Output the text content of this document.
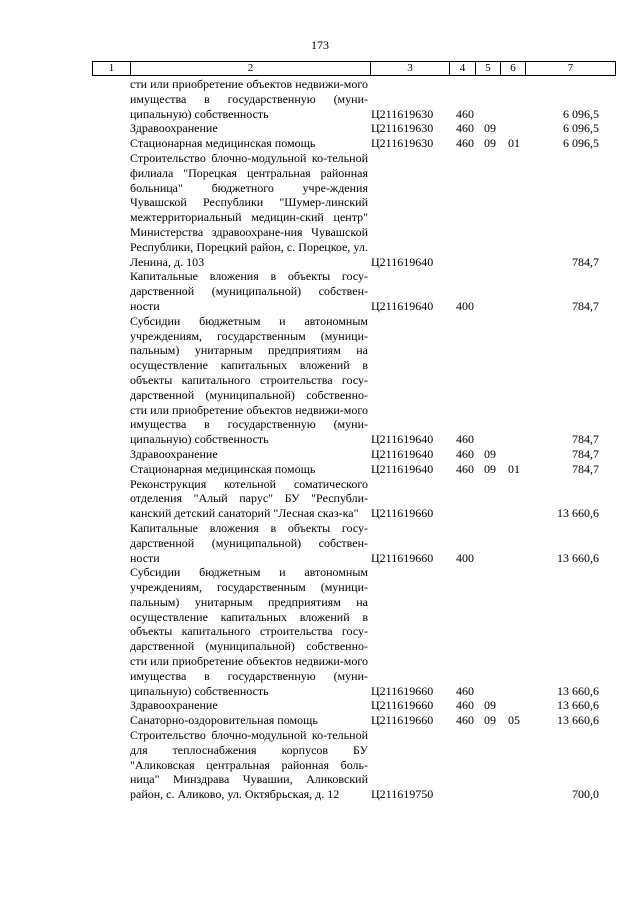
173
1	2	3	4	5	6	7
сти или приобретение объектов недвижи-мого имущества в государственную (муни-ципальную) собственность	Ц211619630 460	6 096,5
Здравоохранение	Ц211619630 460 09	6 096,5
Стационарная медицинская помощь	Ц211619630 460 09 01	6 096,5
Строительство блочно-модульной ко-тельной филиала "Порецкая центральная районная больница" бюджетного учре-ждения Чувашской Республики "Шумер-линский межтерриториальный медицин-ский центр" Министерства здравоохране-ния Чувашской Республики, Порецкий район, с. Порецкое, ул. Ленина, д. 103	Ц211619640	784,7
Капитальные вложения в объекты госу-дарственной (муниципальной) собствен-ности	Ц211619640 400	784,7
Субсидии бюджетным и автономным учреждениям, государственным (муници-пальным) унитарным предприятиям на осуществление капитальных вложений в объекты капитального строительства госу-дарственной (муниципальной) собственно-сти или приобретение объектов недвижи-мого имущества в государственную (муни-ципальную) собственность	Ц211619640 460	784,7
Здравоохранение	Ц211619640 460 09	784,7
Стационарная медицинская помощь	Ц211619640 460 09 01	784,7
Реконструкция котельной соматического отделения "Алый парус" БУ "Республи-канский детский санаторий "Лесная сказ-ка"	Ц211619660	13 660,6
Капитальные вложения в объекты госу-дарственной (муниципальной) собствен-ности	Ц211619660 400	13 660,6
Субсидии бюджетным и автономным учреждениям, государственным (муници-пальным) унитарным предприятиям на осуществление капитальных вложений в объекты капитального строительства госу-дарственной (муниципальной) собственно-сти или приобретение объектов недвижи-мого имущества в государственную (муни-ципальную) собственность	Ц211619660 460	13 660,6
Здравоохранение	Ц211619660 460 09	13 660,6
Санаторно-оздоровительная помощь	Ц211619660 460 09 05	13 660,6
Строительство блочно-модульной ко-тельной для теплоснабжения корпусов БУ "Аликовская центральная районная боль-ница" Минздрава Чувашии, Аликовский район, с. Аликово, ул. Октябрьская, д. 12	Ц211619750	700,0
